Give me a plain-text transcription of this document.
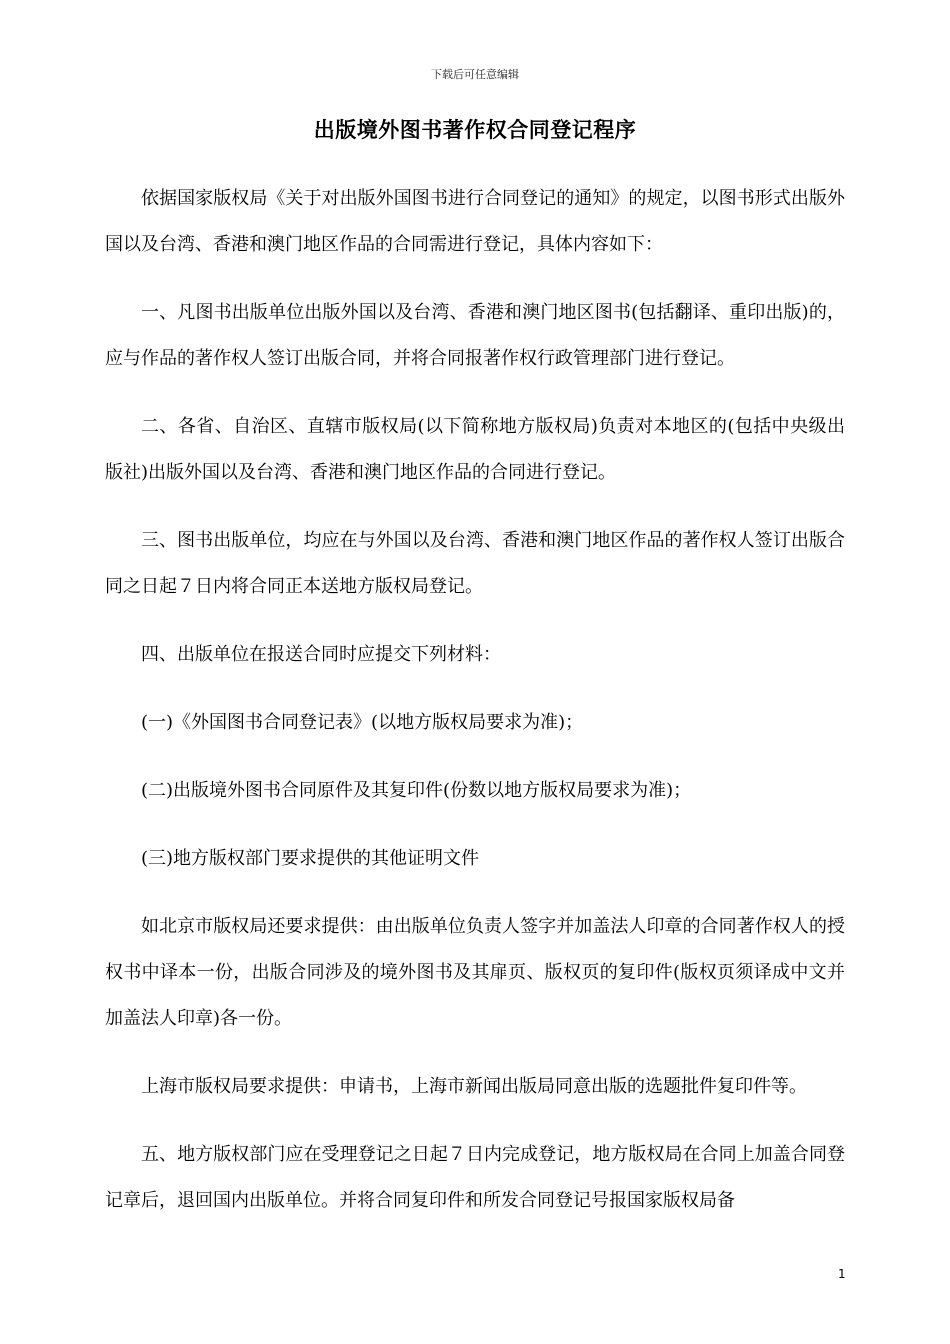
下载后可任意编辑
出版境外图书著作权合同登记程序

依据国家版权局《关于对出版外国图书进行合同登记的通知》的规定，以图书形式出版外国以及台湾、香港和澳门地区作品的合同需进行登记，具体内容如下：

一、凡图书出版单位出版外国以及台湾、香港和澳门地区图书(包括翻译、重印出版)的，应与作品的著作权人签订出版合同，并将合同报著作权行政管理部门进行登记。

二、各省、自治区、直辖市版权局(以下简称地方版权局)负责对本地区的(包括中央级出版社)出版外国以及台湾、香港和澳门地区作品的合同进行登记。

三、图书出版单位，均应在与外国以及台湾、香港和澳门地区作品的著作权人签订出版合同之日起７日内将合同正本送地方版权局登记。

四、出版单位在报送合同时应提交下列材料：

(一)《外国图书合同登记表》(以地方版权局要求为准)；

(二)出版境外图书合同原件及其复印件(份数以地方版权局要求为准)；

(三)地方版权部门要求提供的其他证明文件

如北京市版权局还要求提供：由出版单位负责人签字并加盖法人印章的合同著作权人的授权书中译本一份，出版合同涉及的境外图书及其扉页、版权页的复印件(版权页须译成中文并加盖法人印章)各一份。

上海市版权局要求提供：申请书，上海市新闻出版局同意出版的选题批件复印件等。

五、地方版权部门应在受理登记之日起７日内完成登记，地方版权局在合同上加盖合同登记章后，退回国内出版单位。并将合同复印件和所发合同登记号报国家版权局备

1
